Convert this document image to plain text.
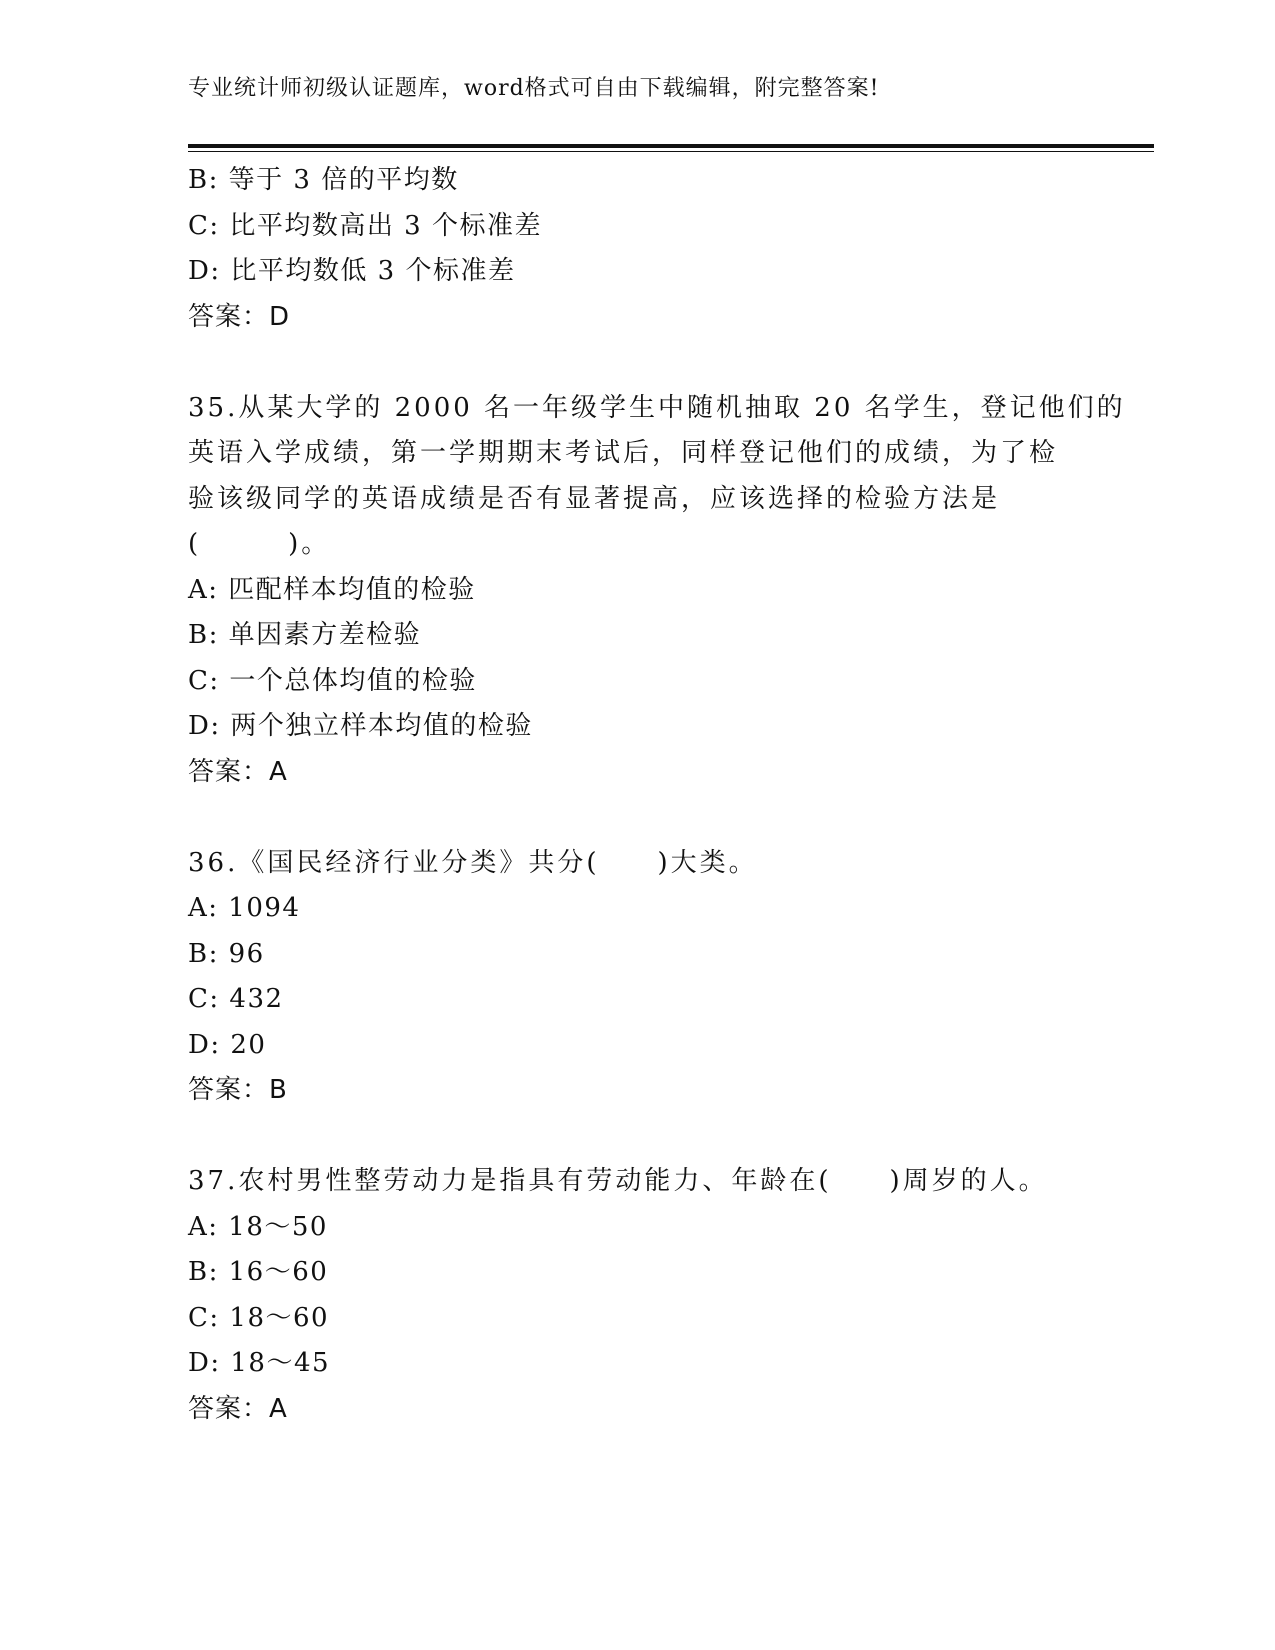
专业统计师初级认证题库，word格式可自由下载编辑，附完整答案!
B: 等于 3 倍的平均数
C: 比平均数高出 3 个标准差
D: 比平均数低 3 个标准差
答案：D
35.从某大学的 2000 名一年级学生中随机抽取 20 名学生，登记他们的
英语入学成绩，第一学期期末考试后，同样登记他们的成绩，为了检
验该级同学的英语成绩是否有显著提高，应该选择的检验方法是
(　　　)。
A: 匹配样本均值的检验
B: 单因素方差检验
C: 一个总体均值的检验
D: 两个独立样本均值的检验
答案：A
36.《国民经济行业分类》共分(　　)大类。
A: 1094
B: 96
C: 432
D: 20
答案：B
37.农村男性整劳动力是指具有劳动能力、年龄在(　　)周岁的人。
A: 18～50
B: 16～60
C: 18～60
D: 18～45
答案：A
